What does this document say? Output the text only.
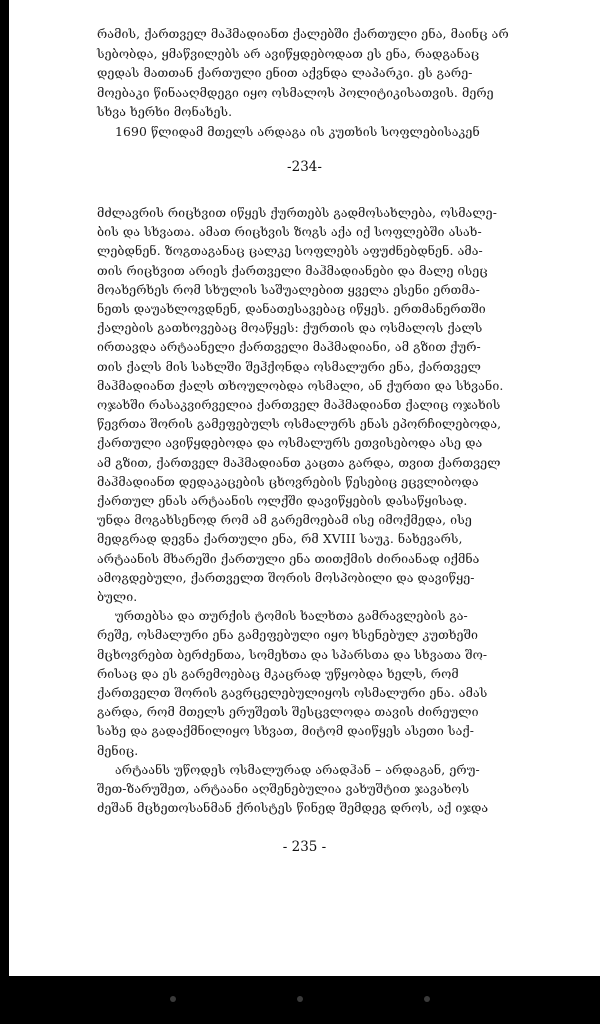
რამის, ქართველ მაჰმადიანთ ქალებში ქართული ენა, მაინც არ
სებობდა, ყმაწვილებს არ ავიწყდებოდათ ეს ენა, რადგანაც
დედას მათთან ქართული ენით აქვნდა ლაპარკი. ეს გარე-
მოებაკი წინააღმდეგი იყო ოსმალოს პოლიტიკისათვის. მერე
სხვა ხერხი მონახეს.
1690 წლიდამ მთელს არდაგა ის კუთხის სოფლებისაკენ
-234-
მძლავრის რიცხვით იწყეს ქურთებს გადმოსახლება, ოსმალე-
ბის და სხვათა. ამათ რიცხვის ზოგს აქა იქ სოფლებში ასახ-
ლებდნენ. ზოგთაგანაც ცალკე სოფლებს აფუძნებდნენ. ამა-
თის რიცხვით არიეს ქართველი მაჰმადიანები და მალე ისეც
მოახერხეს რომ სხულის საშუალებით ყველა ესენი ერთმა-
ნეთს დაუახლოვდნენ, დანათესავებაც იწყეს. ერთმანერთში
ქალების გათხოვებაც მოაწყეს: ქურთის და ოსმალოს ქალს
ირთავდა არტაანელი ქართველი მაჰმადიანი, ამ გზით ქურ-
თის ქალს მის სახლში შეჰქონდა ოსმალური ენა, ქართველ
მაჰმადიანთ ქალს თხოულობდა ოსმალი, ან ქურთი და სხვანი.
ოჯახში რასაკვირველია ქართველ მაჰმადიანთ ქალიც ოჯახის
წევრთა შორის გამეფებულს ოსმალურს ენას ეპორჩილებოდა,
ქართული ავიწყდებოდა და ოსმალურს ეთვისებოდა ასე და
ამ გზით, ქართველ მაჰმადიანთ კაცთა გარდა, თვით ქართველ
მაჰმადიანთ დედაკაცების ცხოვრების წესებიც ეცვლიბოდა
ქართულ ენას არტაანის ოლქში დავიწყების დასაწყისად.
უნდა მოგახსენოდ რომ ამ გარემოებამ ისე იმოქმედა, ისე
მედგრად დევნა ქართული ენა, რმ XVIII საუკ. ნახევარს,
არტაანის მხარეში ქართული ენა თითქმის ძირიანად იქმნა
ამოგდებული, ქართველთ შორის მოსპობილი და დავიწყე-
ბული.
ურთებსა და თურქის ტომის ხალხთა გამრავლების გა-
რეშე, ოსმალური ენა გამეფებული იყო ხსენებულ კუთხეში
მცხოვრებთ ბერძენთა, სომეხთა და სპარსთა და სხვათა შო-
რისაც და ეს გარემოებაც მკაცრად უწყობდა ხელს, რომ
ქართველთ შორის გავრცელებულიყოს ოსმალური ენა. ამას
გარდა, რომ მთელს ერუშეთს შესცვლოდა თავის ძირეული
სახე და გადაქმნილიყო სხვათ, მიტომ დაიწყეს ასეთი საქ-
მენიც.
არტაანს უწოდეს ოსმალურად არადჰან – არდაგან, ერუ-
შეთ-ზარუშეთ, არტაანი აღშენებულია ვახუშტით ჯავახოს
ძეშან მცხეთოსანმან ქრისტეს წინედ შემდეგ დროს, აქ იჯდა
- 235 -
